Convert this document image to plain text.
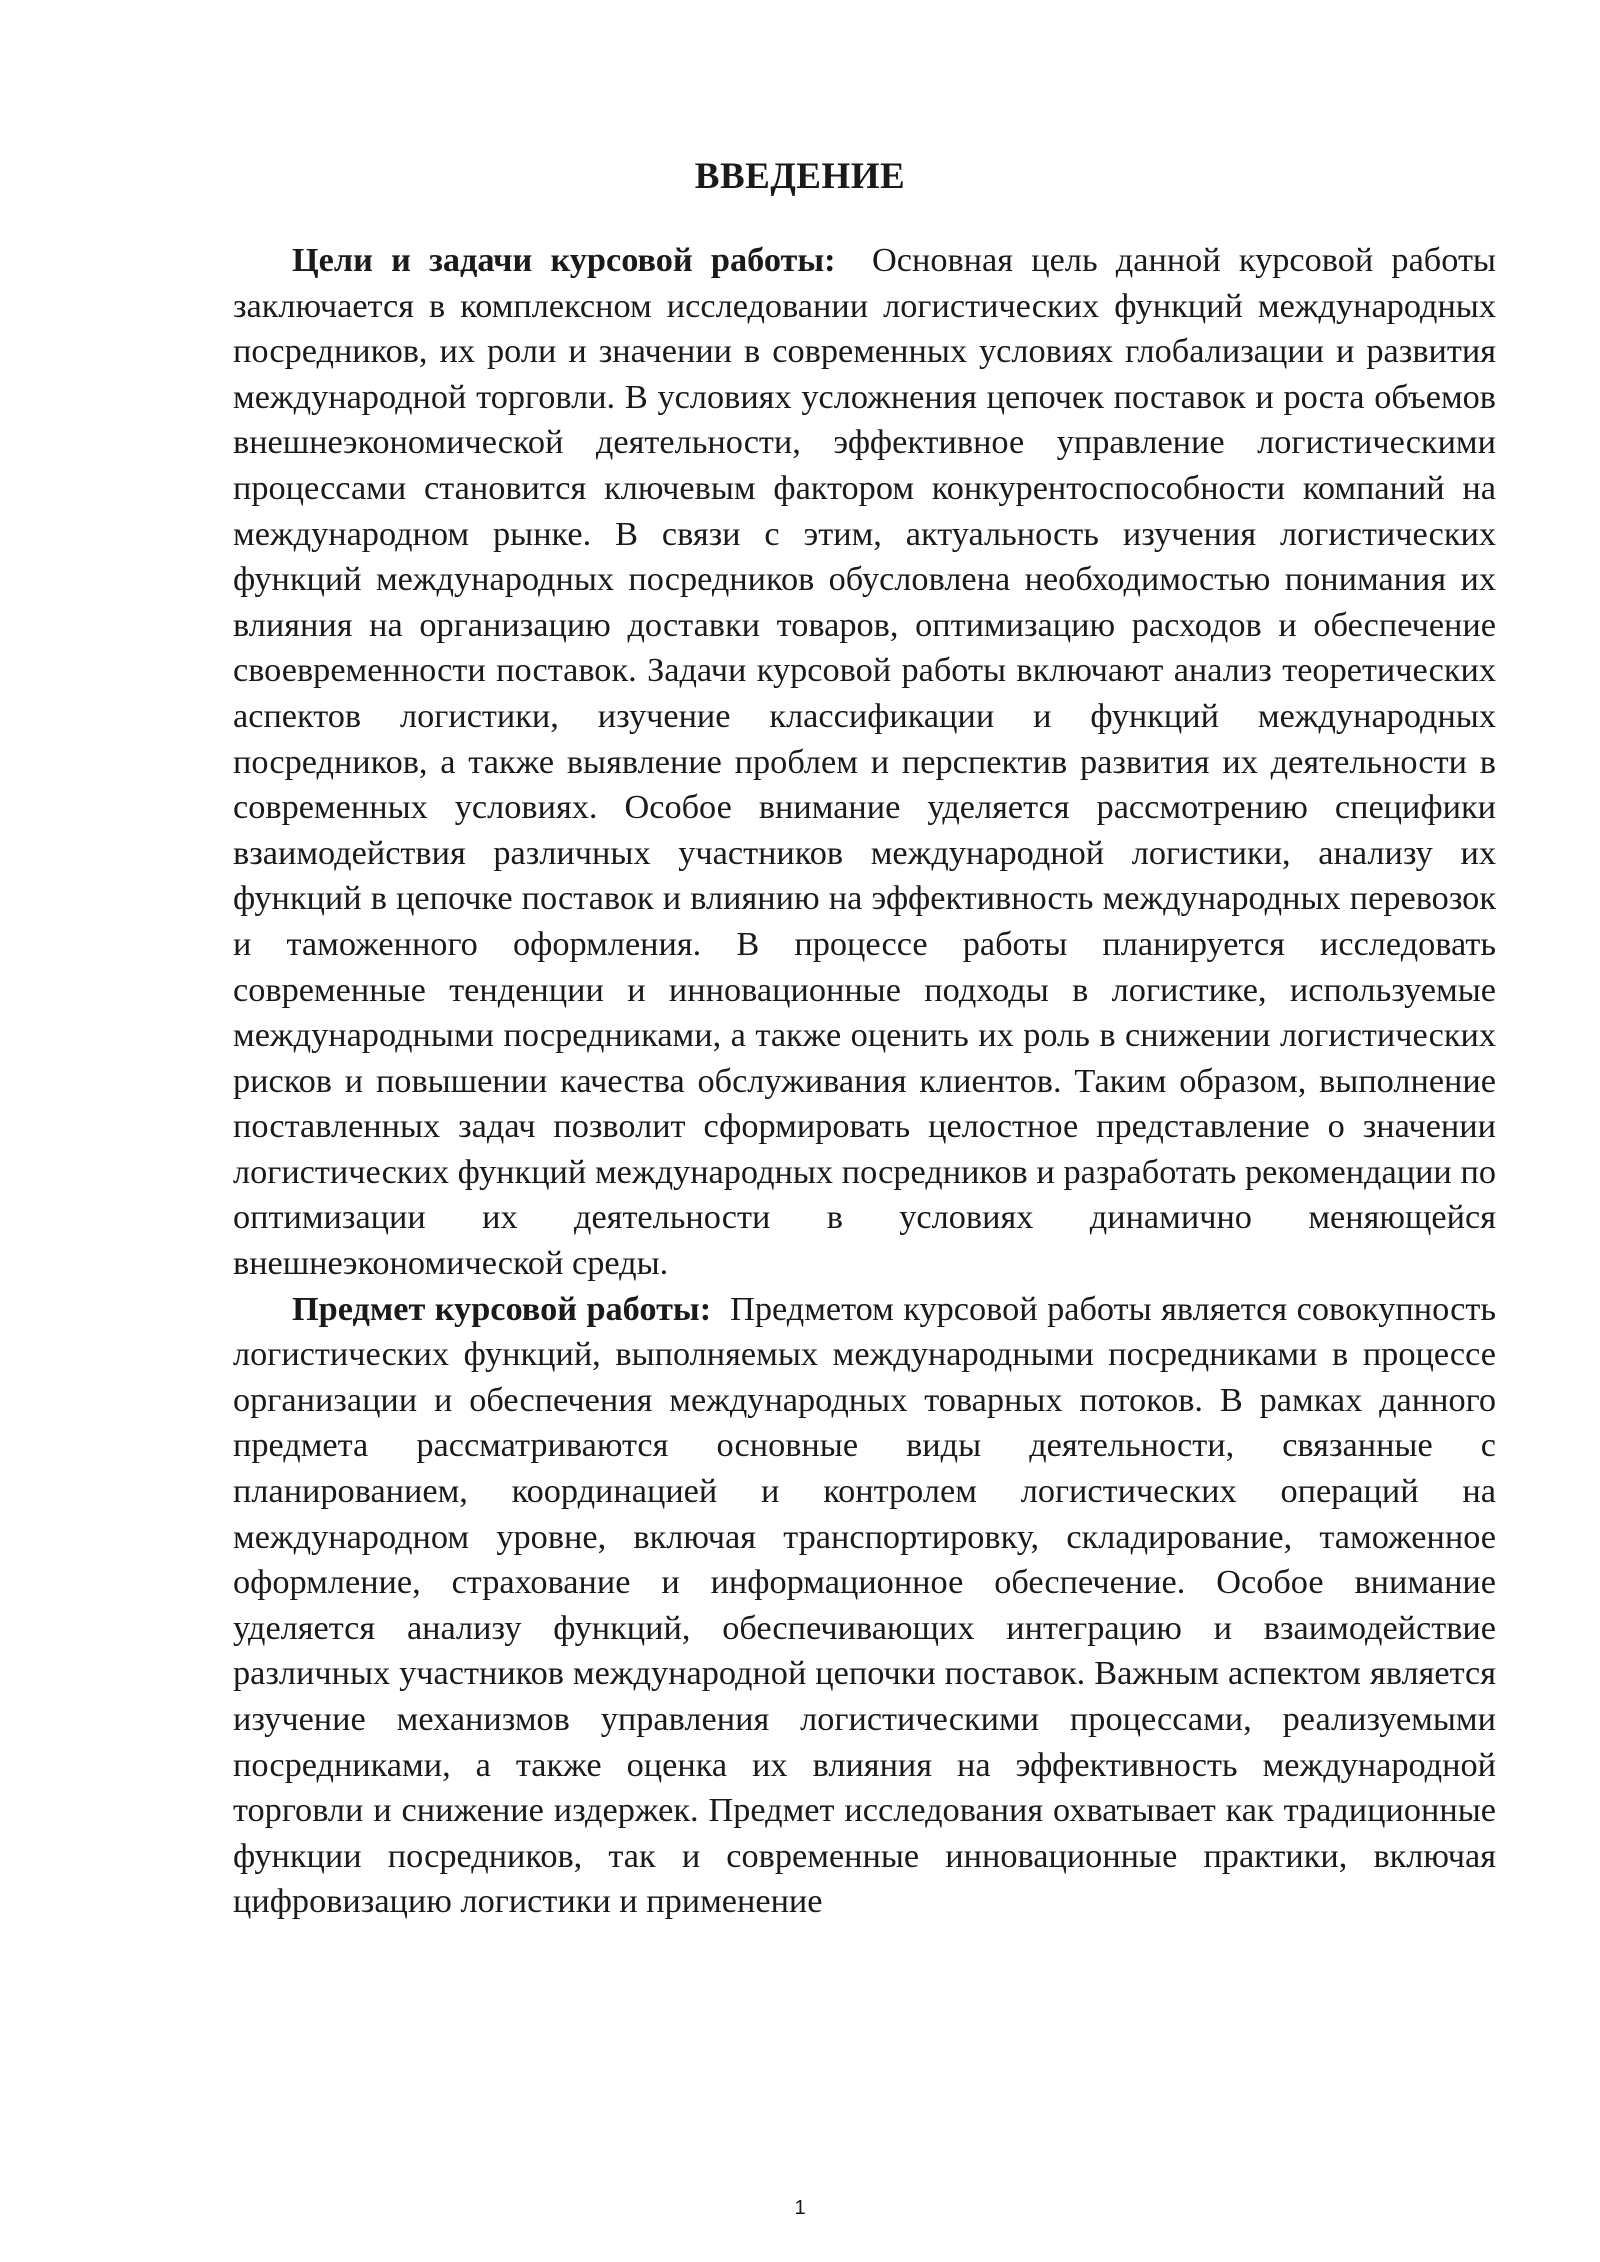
ВВЕДЕНИЕ

Цели и задачи курсовой работы: Основная цель данной курсовой работы заключается в комплексном исследовании логистических функций международных посредников, их роли и значении в современных условиях глобализации и развития международной торговли. В условиях усложнения цепочек поставок и роста объемов внешнеэкономической деятельности, эффективное управление логистическими процессами становится ключевым фактором конкурентоспособности компаний на международном рынке. В связи с этим, актуальность изучения логистических функций международных посредников обусловлена необходимостью понимания их влияния на организацию доставки товаров, оптимизацию расходов и обеспечение своевременности поставок. Задачи курсовой работы включают анализ теоретических аспектов логистики, изучение классификации и функций международных посредников, а также выявление проблем и перспектив развития их деятельности в современных условиях. Особое внимание уделяется рассмотрению специфики взаимодействия различных участников международной логистики, анализу их функций в цепочке поставок и влиянию на эффективность международных перевозок и таможенного оформления. В процессе работы планируется исследовать современные тенденции и инновационные подходы в логистике, используемые международными посредниками, а также оценить их роль в снижении логистических рисков и повышении качества обслуживания клиентов. Таким образом, выполнение поставленных задач позволит сформировать целостное представление о значении логистических функций международных посредников и разработать рекомендации по оптимизации их деятельности в условиях динамично меняющейся внешнеэкономической среды.

Предмет курсовой работы: Предметом курсовой работы является совокупность логистических функций, выполняемых международными посредниками в процессе организации и обеспечения международных товарных потоков. В рамках данного предмета рассматриваются основные виды деятельности, связанные с планированием, координацией и контролем логистических операций на международном уровне, включая транспортировку, складирование, таможенное оформление, страхование и информационное обеспечение. Особое внимание уделяется анализу функций, обеспечивающих интеграцию и взаимодействие различных участников международной цепочки поставок. Важным аспектом является изучение механизмов управления логистическими процессами, реализуемыми посредниками, а также оценка их влияния на эффективность международной торговли и снижение издержек. Предмет исследования охватывает как традиционные функции посредников, так и современные инновационные практики, включая цифровизацию логистики и применение

1
